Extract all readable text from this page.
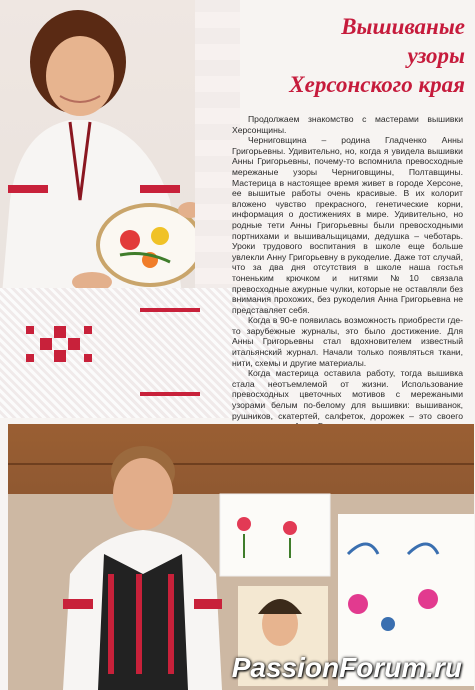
Вышиваные
узоры
Херсонского края

Продолжаем знакомство с мастерами вышивки Херсонщины.

Черниговщина – родина Гладченко Анны Григорьевны. Удивительно, но, когда я увидела вышивки Анны Григорьевны, почему-то вспомнила превосходные мережаные узоры Черниговщины, Полтавщины. Мастерица в настоящее время живет в городе Херсоне, ее вышитые работы очень красивые. В их колорит вложено чувство прекрасного, генетические корни, информация о достижениях в мире. Удивительно, но родные тети Анны Григорьевны были превосходными портнихами и вышивальщицами, дедушка – чеботарь. Уроки трудового воспитания в школе еще больше увлекли Анну Григорьевну в рукоделие. Даже тот случай, что за два дня отсутствия в школе наша гостья тоненьким крючком и нитями №10 связала превосходные ажурные чулки, которые не оставляли без внимания прохожих, без рукоделия Анна Григорьевна не представляет себя.

Когда в 90-е появилась возможность приобрести где-то зарубежные журналы, это было достижение. Для Анны Григорьевны стал вдохновителем известный итальянский журнал. Начали только появляться ткани, нити, схемы и другие материалы.

Когда мастерица оставила работу, тогда вышивка стала неотъемлемой от жизни. Использование превосходных цветочных мотивов с мережаными узорами белым по-белому для вышивки: вышиванок, рушников, скатертей, салфеток, дорожек – это своего

PassionForum.ru
